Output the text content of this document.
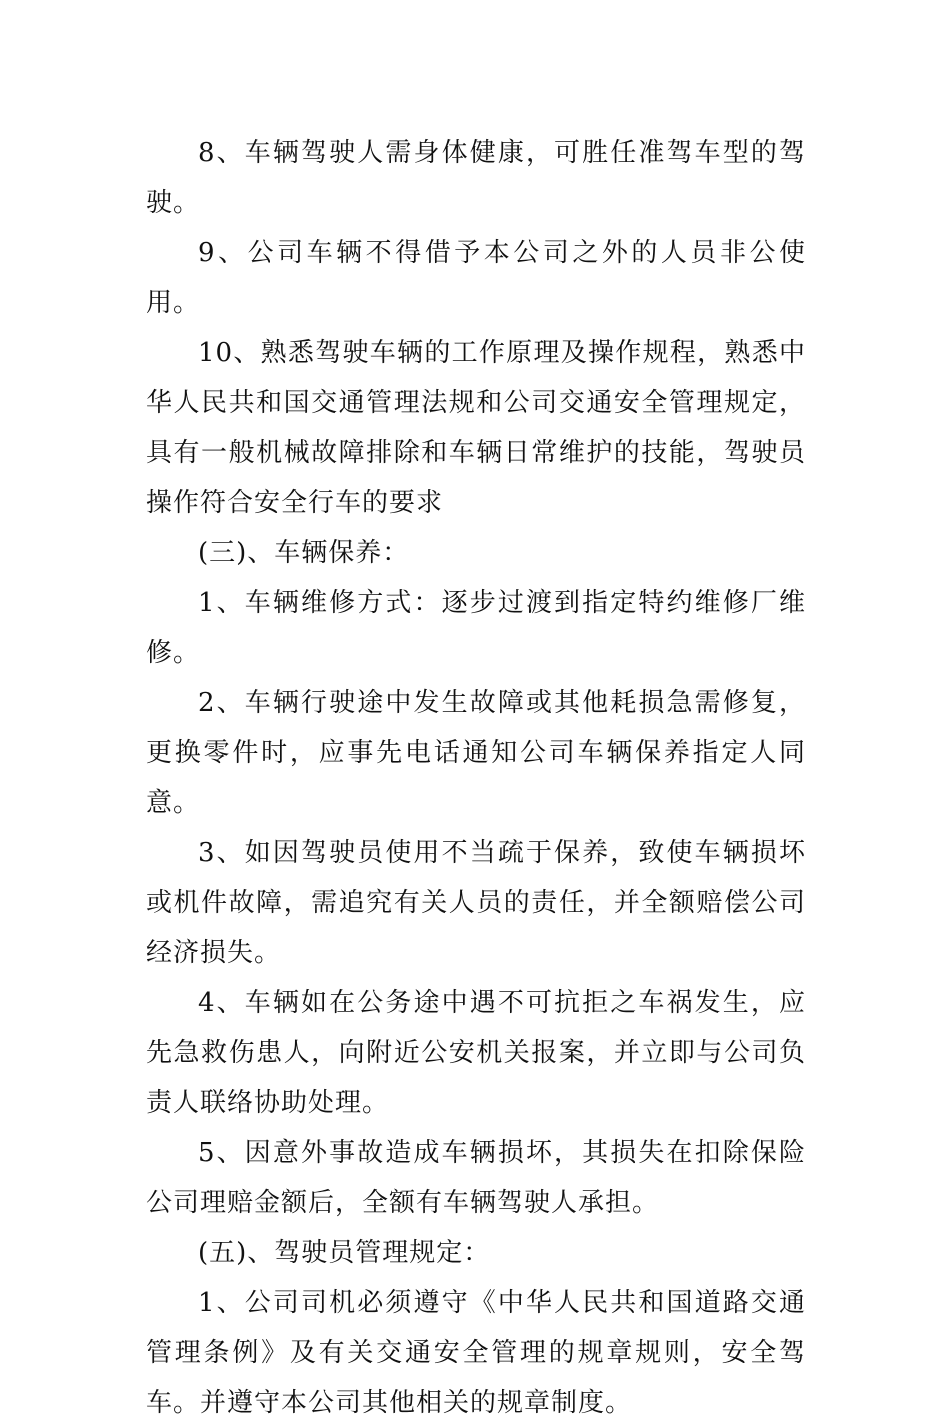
8、车辆驾驶人需身体健康，可胜任准驾车型的驾驶。

9、公司车辆不得借予本公司之外的人员非公使用。

10、熟悉驾驶车辆的工作原理及操作规程，熟悉中华人民共和国交通管理法规和公司交通安全管理规定，具有一般机械故障排除和车辆日常维护的技能，驾驶员操作符合安全行车的要求

(三)、车辆保养：

1、车辆维修方式：逐步过渡到指定特约维修厂维修。

2、车辆行驶途中发生故障或其他耗损急需修复，更换零件时，应事先电话通知公司车辆保养指定人同意。

3、如因驾驶员使用不当疏于保养，致使车辆损坏或机件故障，需追究有关人员的责任，并全额赔偿公司经济损失。

4、车辆如在公务途中遇不可抗拒之车祸发生，应先急救伤患人，向附近公安机关报案，并立即与公司负责人联络协助处理。

5、因意外事故造成车辆损坏，其损失在扣除保险公司理赔金额后，全额有车辆驾驶人承担。

(五)、驾驶员管理规定：

1、公司司机必须遵守《中华人民共和国道路交通管理条例》及有关交通安全管理的规章规则，安全驾车。并遵守本公司其他相关的规章制度。
